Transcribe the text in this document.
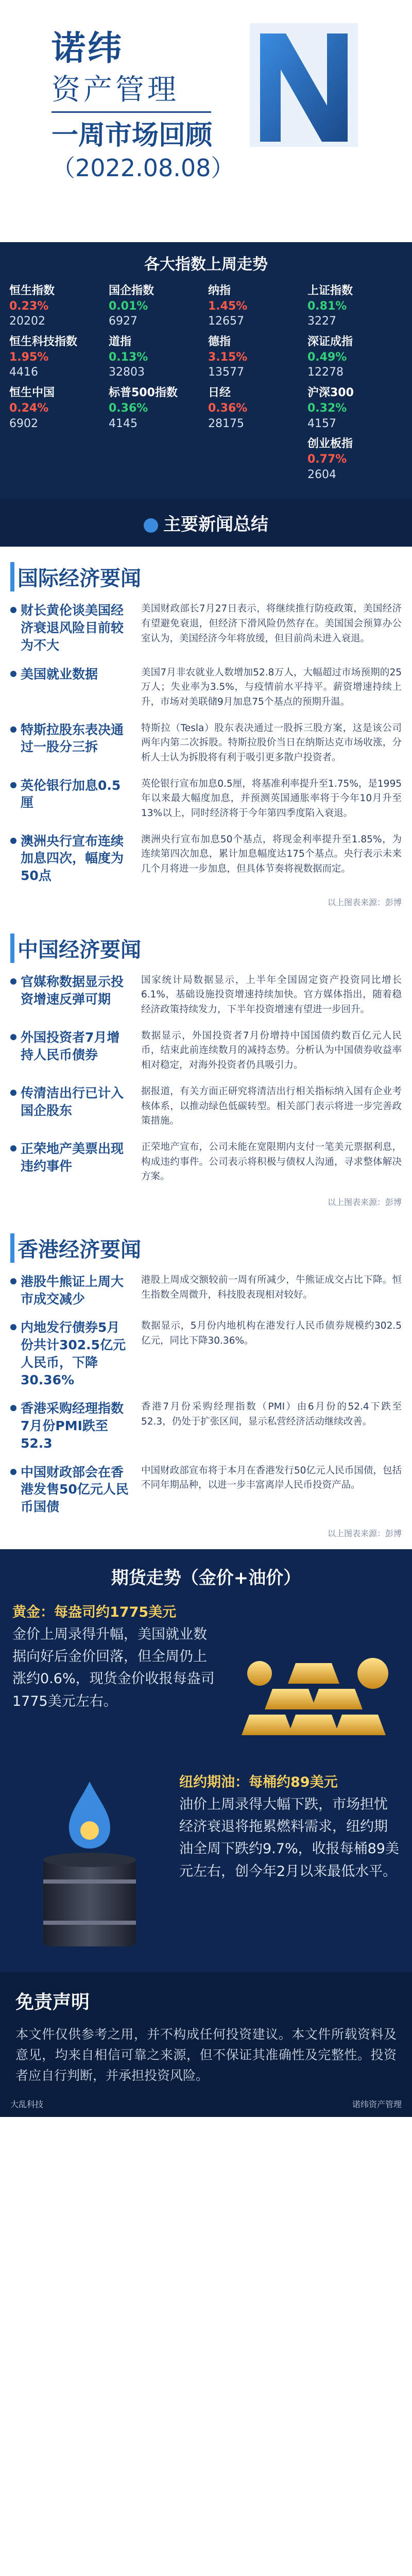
诺纬
资产管理
一周市场回顾
（2022.08.08）
各大指数上周走势
恒生指数
0.23%
20202
国企指数
0.01%
6927
纳指
1.45%
12657
上证指数
0.81%
3227
恒生科技指数
1.95%
4416
道指
0.13%
32803
德指
3.15%
13577
深证成指
0.49%
12278
恒生中国
0.24%
6902
标普500指数
0.36%
4145
日经
0.36%
28175
沪深300
0.32%
4157
创业板指
0.77%
2604
主要新闻总结
国际经济要闻
财长黄伦谈美国经济衰退风险目前较为不大
美国财政部长7月27日表示，将继续推行防疫政策，美国经济有望避免衰退，但经济下滑风险仍然存在。美国国会预算办公室认为，美国经济今年将放缓，但目前尚未进入衰退。
美国就业数据	美国7月非农就业人数增加52.8万人，大幅超过市场预期的25万人；失业率为3.5%，与疫情前水平持平。薪资增速持续上升，市场对美联储9月加息75个基点的预期升温。
特斯拉股东表决通过一股分三拆
特斯拉（Tesla）股东表决通过一股拆三股方案，这是该公司两年内第二次拆股。特斯拉股价当日在纳斯达克市场收涨，分析人士认为拆股将有利于吸引更多散户投资者。
英伦银行加息0.5厘
英伦银行宣布加息0.5厘，将基准利率提升至1.75%，是1995年以来最大幅度加息，并预测英国通胀率将于今年10月升至13%以上，同时经济将于今年第四季度陷入衰退。
澳洲央行宣布连续加息四次，幅度为50点
澳洲央行宣布加息50个基点，将现金利率提升至1.85%，为连续第四次加息，累计加息幅度达175个基点。央行表示未来几个月将进一步加息，但具体节奏将视数据而定。
以上图表来源：彭博
中国经济要闻
官媒称数据显示投资增速反弹可期
国家统计局数据显示，上半年全国固定资产投资同比增长6.1%，基础设施投资增速持续加快。官方媒体指出，随着稳经济政策持续发力，下半年投资增速有望进一步回升。
外国投资者7月增持人民币债券
数据显示，外国投资者7月份增持中国国债约数百亿元人民币，结束此前连续数月的减持态势。分析认为中国债券收益率相对稳定，对海外投资者仍具吸引力。
传清洁出行已计入国企股东
据报道，有关方面正研究将清洁出行相关指标纳入国有企业考核体系，以推动绿色低碳转型。相关部门表示将进一步完善政策措施。
正荣地产美票出现违约事件
正荣地产宣布，公司未能在宽限期内支付一笔美元票据利息，构成违约事件。公司表示将积极与债权人沟通，寻求整体解决方案。
以上图表来源：彭博
香港经济要闻
港股牛熊证上周大市成交减少
港股上周成交额较前一周有所减少，牛熊证成交占比下降。恒生指数全周微升，科技股表现相对较好。
内地发行债券5月份共计302.5亿元人民币，下降30.36%
数据显示，5月份内地机构在港发行人民币债券规模约302.5亿元，同比下降30.36%。
香港采购经理指数7月份PMI跌至52.3
香港7月份采购经理指数（PMI）由6月份的52.4下跌至52.3，仍处于扩张区间，显示私营经济活动继续改善。
中国财政部会在香港发售50亿元人民币国债
中国财政部宣布将于本月在香港发行50亿元人民币国债，包括不同年期品种，以进一步丰富离岸人民币投资产品。
以上图表来源：彭博
期货走势（金价+油价）
黄金：每盎司约1775美元
金价上周录得升幅，美国就业数据向好后金价回落，但全周仍上涨约0.6%，现货金价收报每盎司1775美元左右。
纽约期油：每桶约89美元
油价上周录得大幅下跌，市场担忧经济衰退将拖累燃料需求，纽约期油全周下跌约9.7%，收报每桶89美元左右，创今年2月以来最低水平。
免责声明
本文件仅供参考之用，并不构成任何投资建议。本文件所载资料及意见，均来自相信可靠之来源，但不保证其准确性及完整性。投资者应自行判断，并承担投资风险。
大乱科技	诺纬资产管理
